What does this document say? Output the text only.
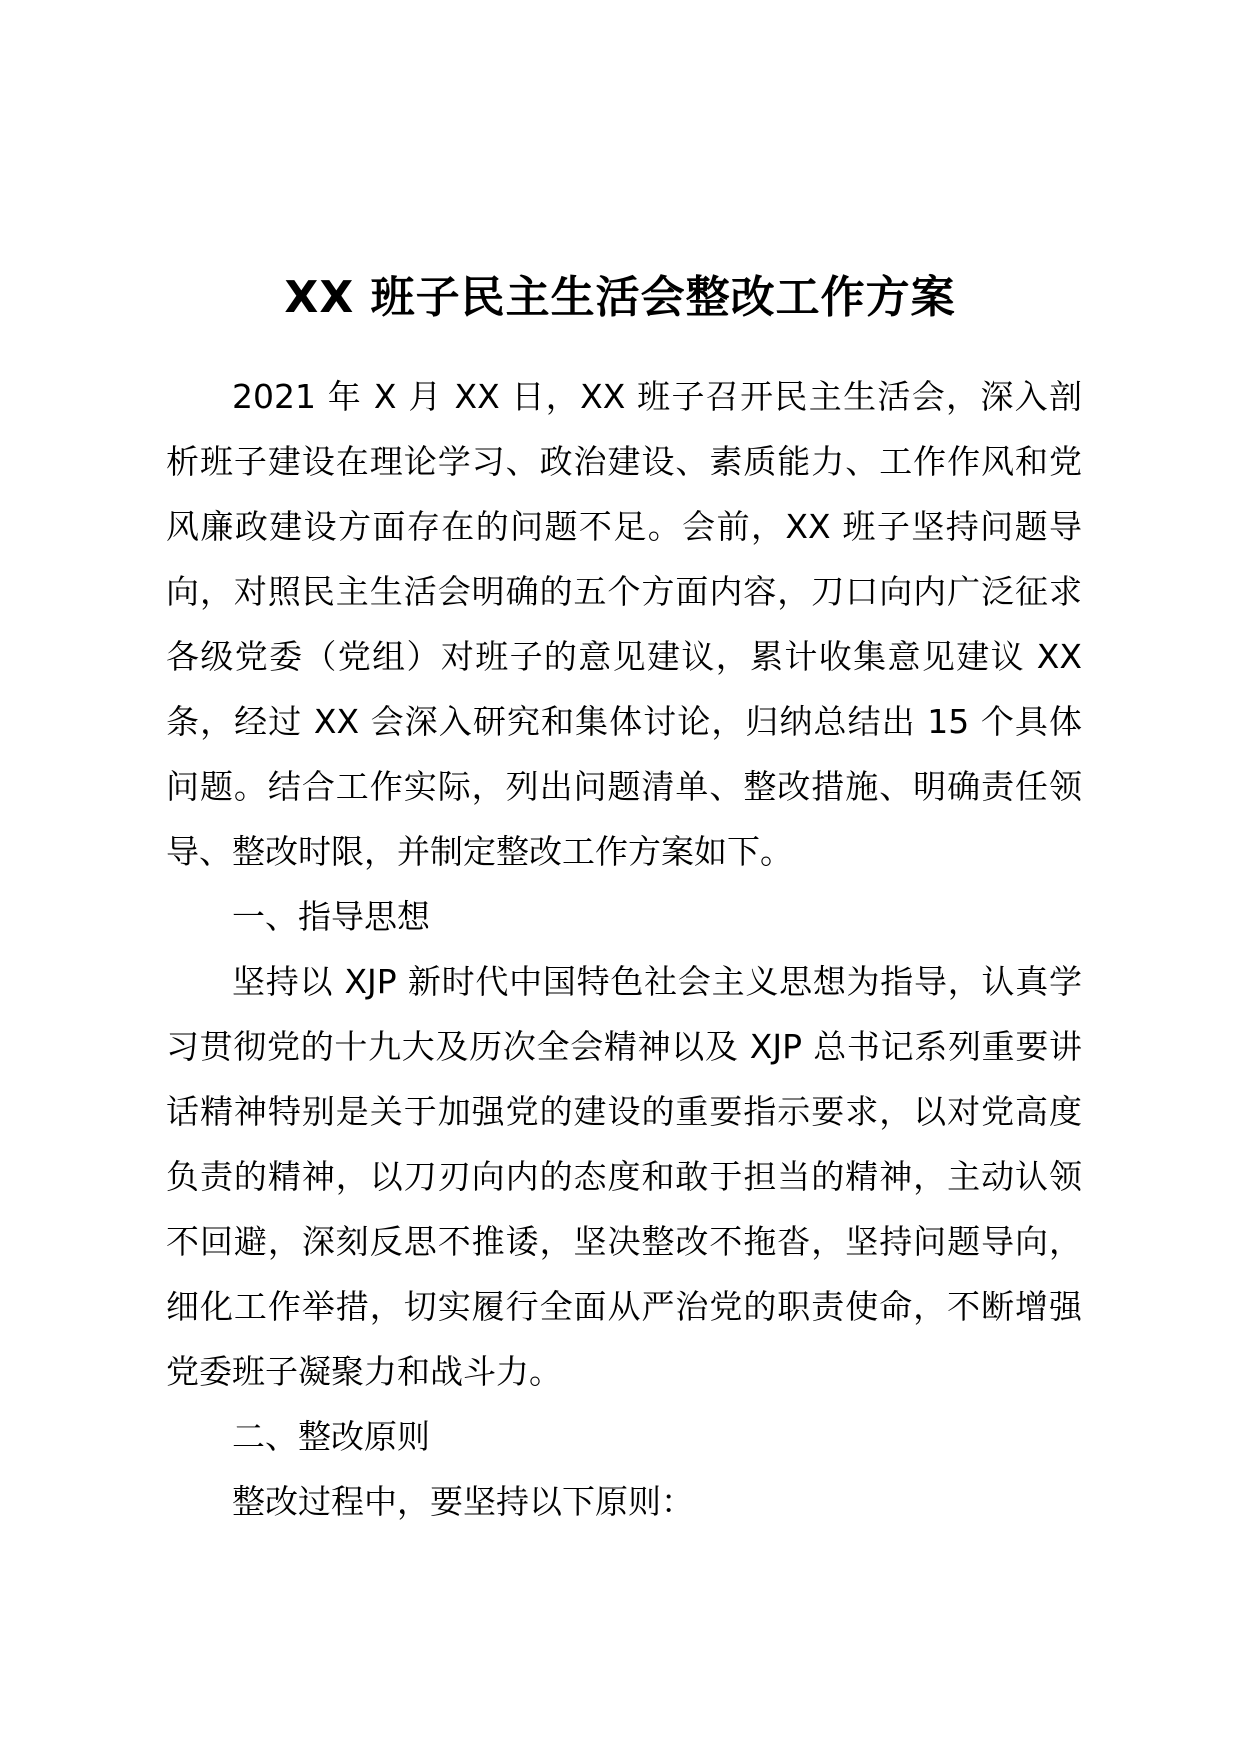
XX 班子民主生活会整改工作方案

2021 年 X 月 XX 日，XX 班子召开民主生活会，深入剖析班子建设在理论学习、政治建设、素质能力、工作作风和党风廉政建设方面存在的问题不足。会前，XX 班子坚持问题导向，对照民主生活会明确的五个方面内容，刀口向内广泛征求各级党委（党组）对班子的意见建议，累计收集意见建议 XX 条，经过 XX 会深入研究和集体讨论，归纳总结出 15 个具体问题。结合工作实际，列出问题清单、整改措施、明确责任领导、整改时限，并制定整改工作方案如下。

一、指导思想

坚持以 XJP 新时代中国特色社会主义思想为指导，认真学习贯彻党的十九大及历次全会精神以及 XJP 总书记系列重要讲话精神特别是关于加强党的建设的重要指示要求，以对党高度负责的精神，以刀刃向内的态度和敢于担当的精神，主动认领不回避，深刻反思不推诿，坚决整改不拖沓，坚持问题导向，细化工作举措，切实履行全面从严治党的职责使命，不断增强党委班子凝聚力和战斗力。

二、整改原则

整改过程中，要坚持以下原则：
